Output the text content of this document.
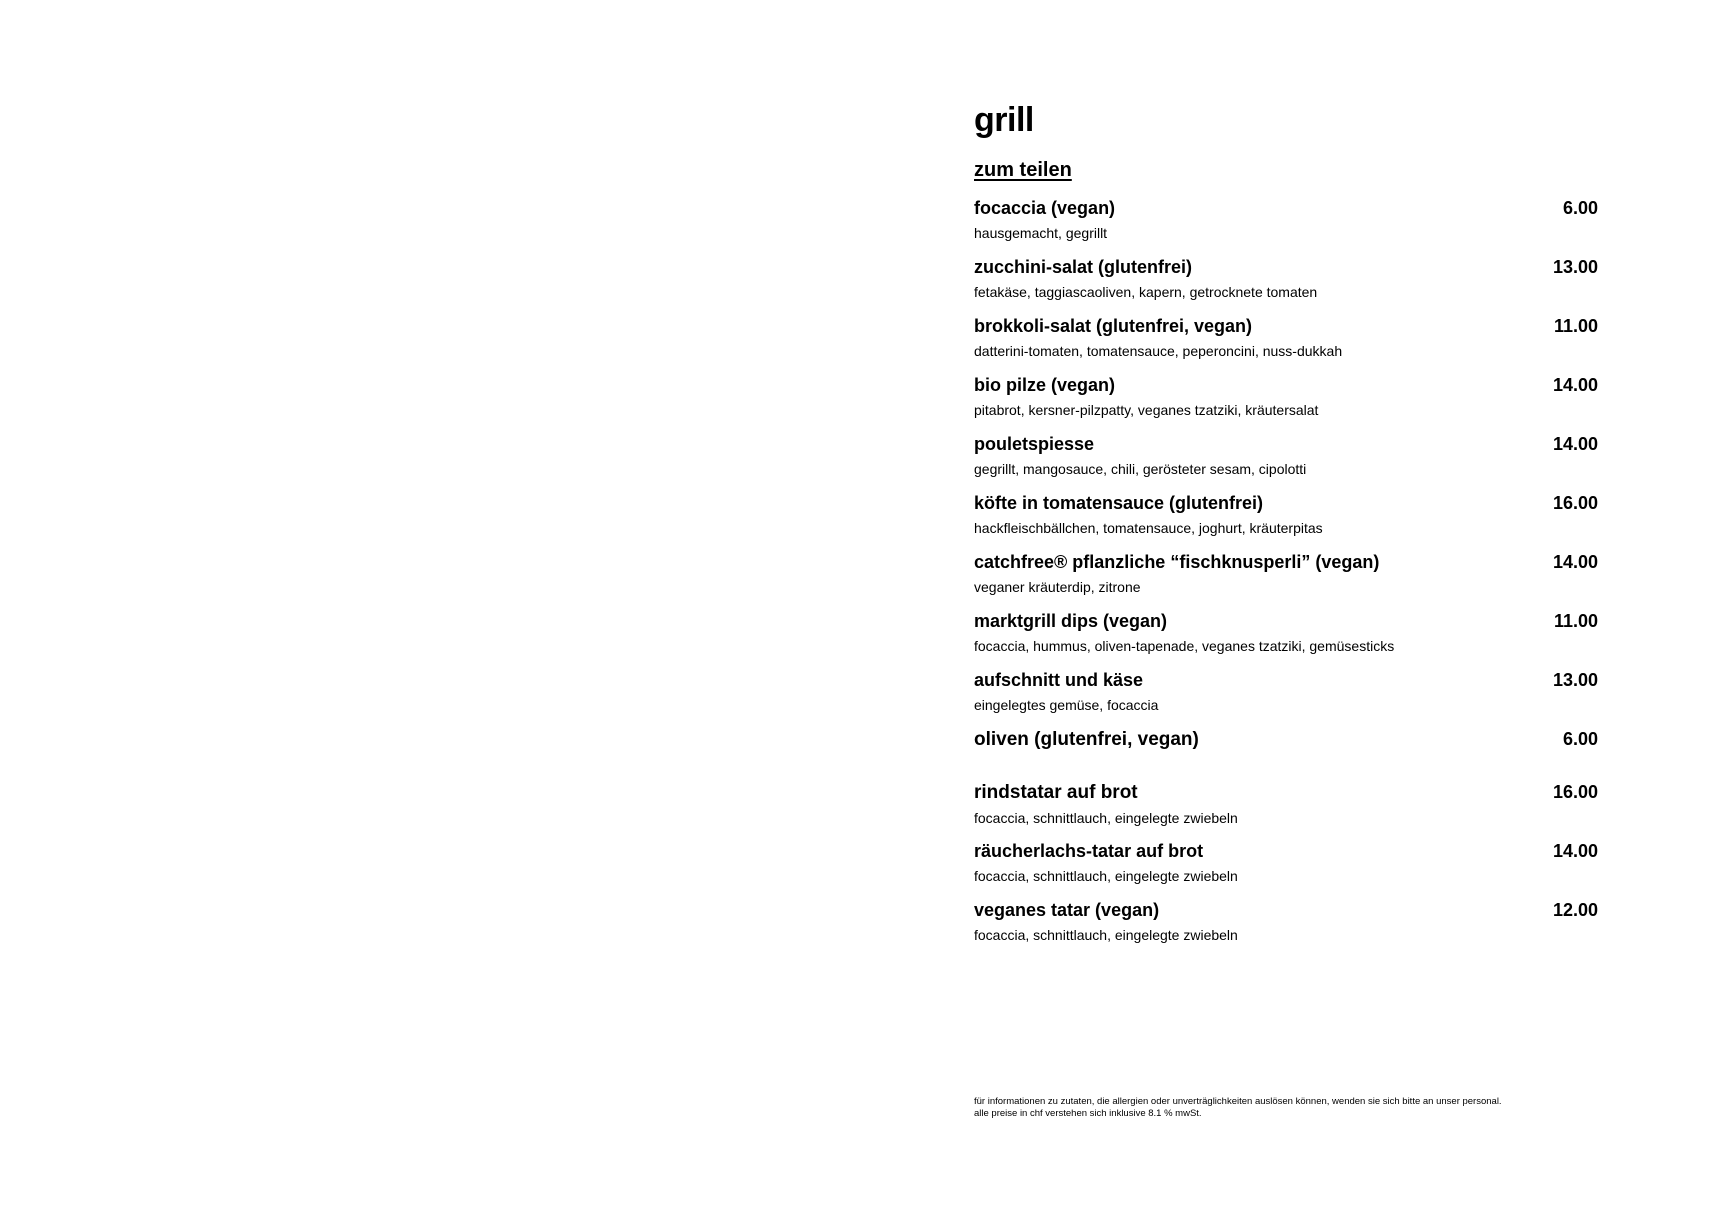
grill
zum teilen
focaccia (vegan)	6.00
hausgemacht, gegrillt
zucchini-salat (glutenfrei)	13.00
fetakäse, taggiascaoliven, kapern, getrocknete tomaten
brokkoli-salat (glutenfrei, vegan)	11.00
datterini-tomaten, tomatensauce, peperoncini, nuss-dukkah
bio pilze (vegan)	14.00
pitabrot, kersner-pilzpatty, veganes tzatziki, kräutersalat
pouletspiesse	14.00
gegrillt, mangosauce, chili, gerösteter sesam, cipolotti
köfte in tomatensauce (glutenfrei)	16.00
hackfleischbällchen, tomatensauce, joghurt, kräuterpitas
catchfree® pflanzliche “fischknusperli” (vegan)	14.00
veganer kräuterdip, zitrone
marktgrill dips (vegan)	11.00
focaccia, hummus, oliven-tapenade, veganes tzatziki, gemüsesticks
aufschnitt und käse	13.00
eingelegtes gemüse, focaccia
oliven (glutenfrei, vegan)	6.00
rindstatar auf brot	16.00
focaccia, schnittlauch, eingelegte zwiebeln
räucherlachs-tatar auf brot	14.00
focaccia, schnittlauch, eingelegte zwiebeln
veganes tatar (vegan)	12.00
focaccia, schnittlauch, eingelegte zwiebeln
für informationen zu zutaten, die allergien oder unverträglichkeiten auslösen können, wenden sie sich bitte an unser personal.
alle preise in chf verstehen sich inklusive 8.1 % mwSt.
